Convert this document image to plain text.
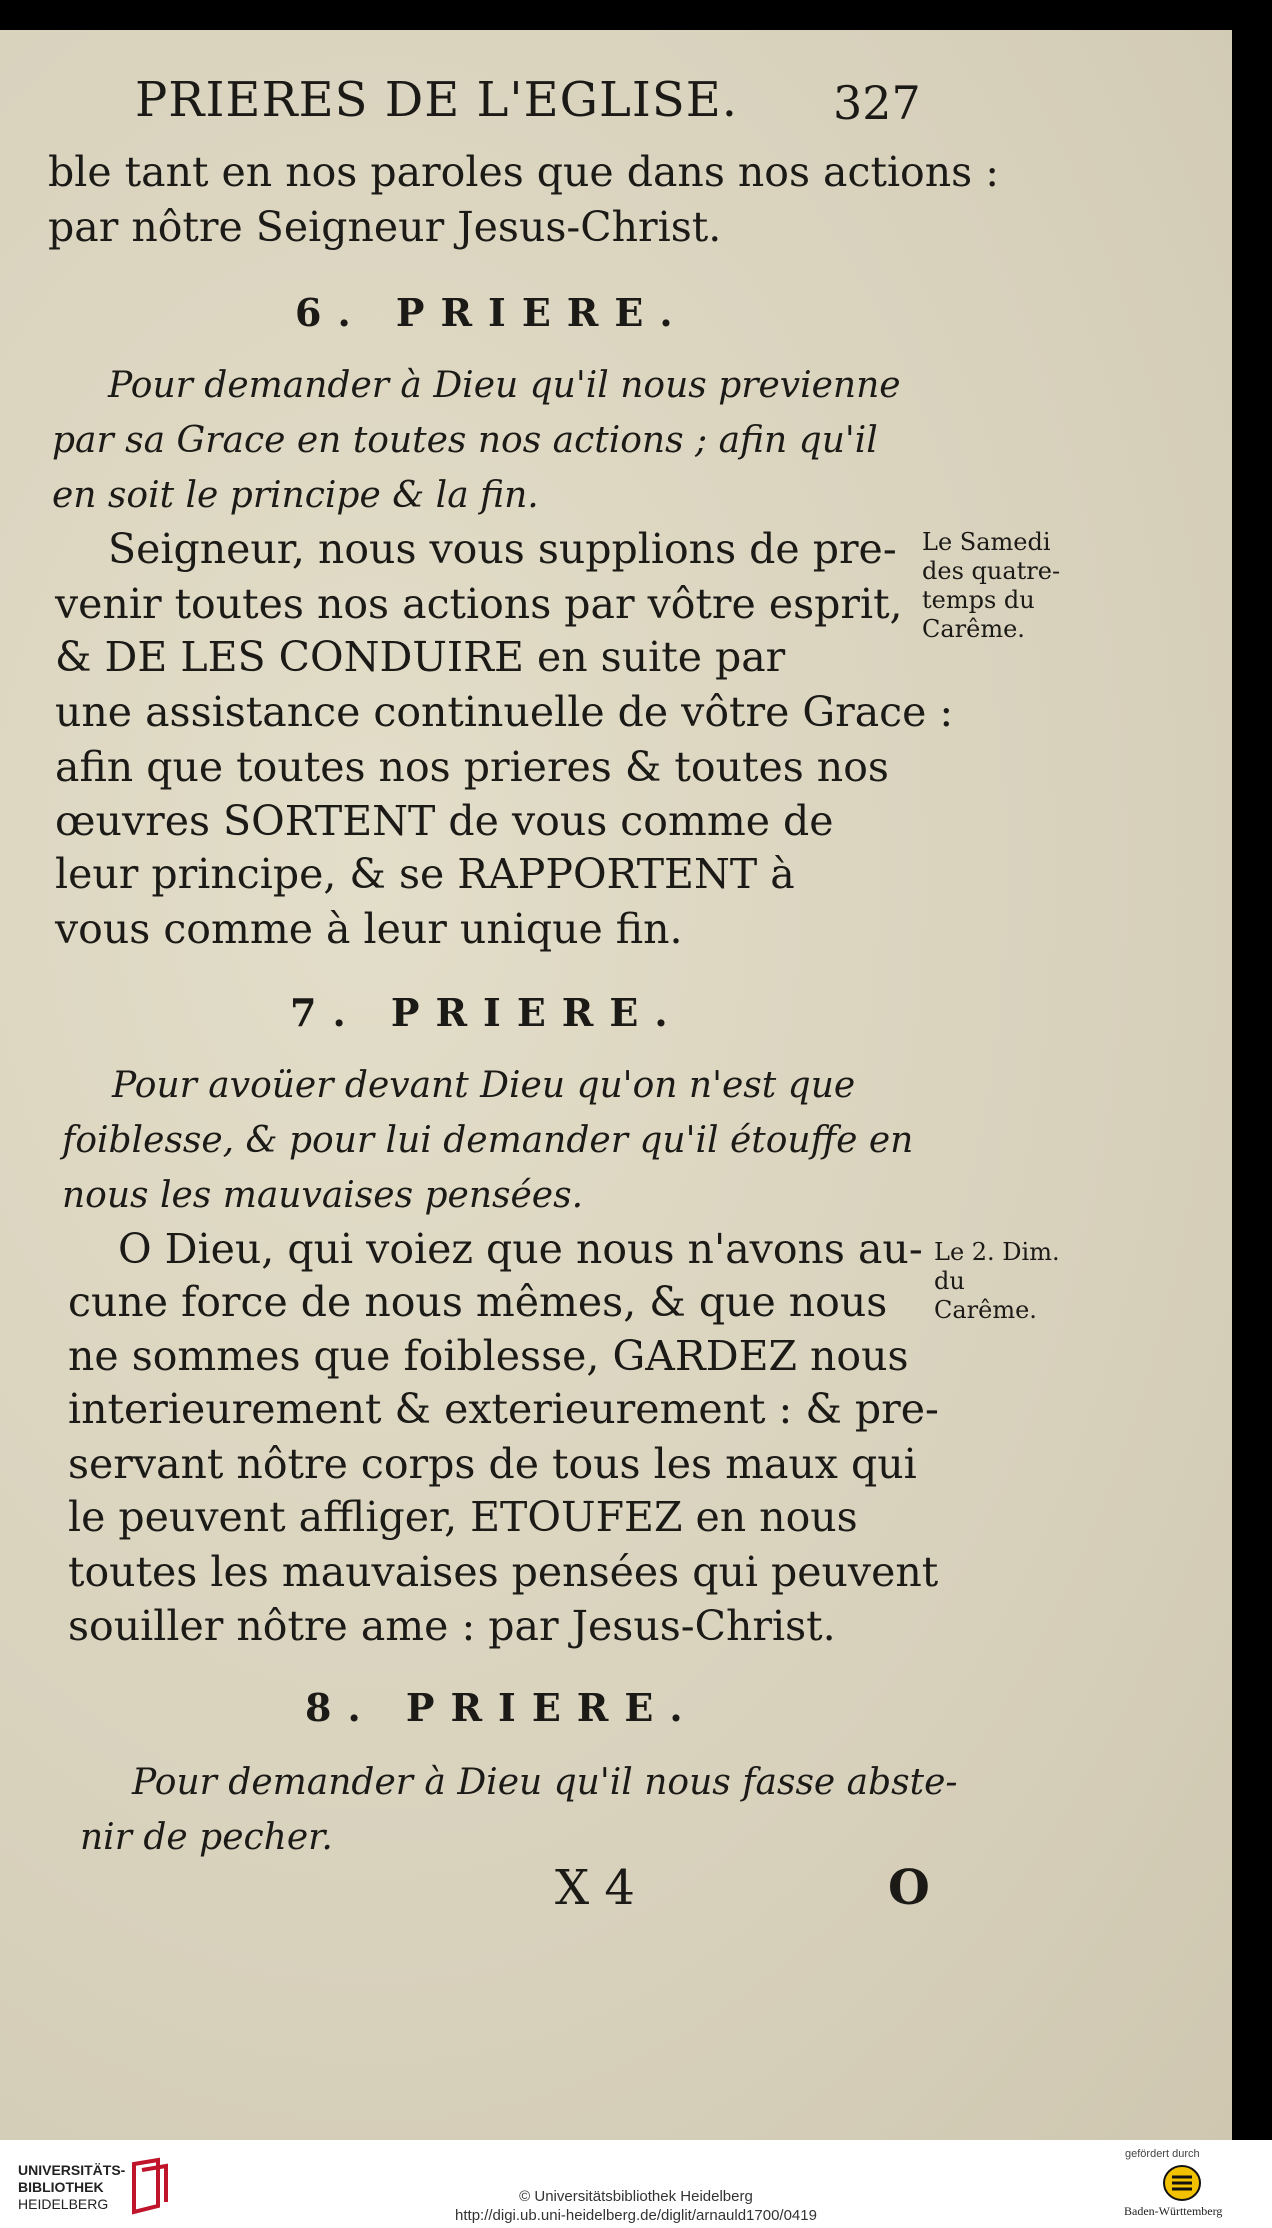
PRIERES DE L'EGLISE. 327
ble tant en nos paroles que dans nos actions :
par nôtre Seigneur Jesus-Christ.
6. PRIERE.
Pour demander à Dieu qu'il nous previenne
par sa Grace en toutes nos actions ; afin qu'il
en soit le principe & la fin.
Seigneur, nous vous supplions de pre-
venir toutes nos actions par vôtre esprit,
& DE LES CONDUIRE en suite par
une assistance continuelle de vôtre Grace :
afin que toutes nos prieres & toutes nos
œuvres SORTENT de vous comme de
leur principe, & se RAPPORTENT à
vous comme à leur unique fin.
Le Samedi des quatre-temps du Carême.
7. PRIERE.
Pour avoüer devant Dieu qu'on n'est que
foiblesse, & pour lui demander qu'il étouffe en
nous les mauvaises pensées.
O Dieu, qui voiez que nous n'avons au-
cune force de nous mêmes, & que nous
ne sommes que foiblesse, GARDEZ nous
interieurement & exterieurement : & pre-
servant nôtre corps de tous les maux qui
le peuvent affliger, ETOUFEZ en nous
toutes les mauvaises pensées qui peuvent
souiller nôtre ame : par Jesus-Christ.
Le 2. Dim. du Carême.
8. PRIERE.
Pour demander à Dieu qu'il nous fasse abste-
nir de pecher.
X 4	O
UNIVERSITÄTS-
BIBLIOTHEK
HEIDELBERG	© Universitätsbibliothek Heidelberg
http://digi.ub.uni-heidelberg.de/diglit/arnauld1700/0419
gefördert durch
Baden-Württemberg
